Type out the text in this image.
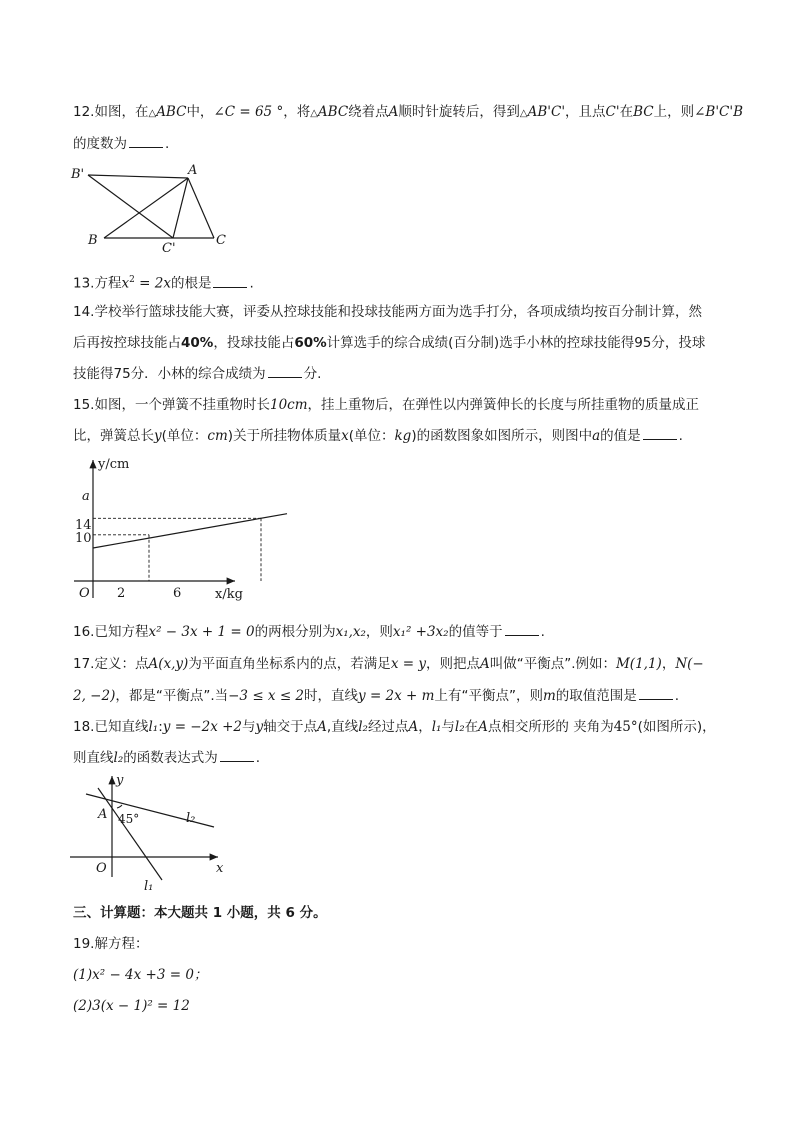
12.如图，在△ABC中，∠C = 65 °，将△ABC绕着点A顺时针旋转后，得到△AB'C'，且点C'在BC上，则∠B'C'B
的度数为	.
B'	A
B
C'
C
13.方程$x^2 = 2x$的根是	.
14.学校举行篮球技能大赛，评委从控球技能和投球技能两方面为选手打分，各项成绩均按百分制计算，然
后再按控球技能占40%，投球技能占60%计算选手的综合成绩(百分制)选手小林的控球技能得95分，投球
技能得75分．小林的综合成绩为	分.
15.如图，一个弹簧不挂重物时长10cm，挂上重物后，在弹性以内弹簧伸长的长度与所挂重物的质量成正
比，弹簧总长y(单位：cm)关于所挂物体质量x(单位：kg)的函数图象如图所示，则图中a的值是	.
y/cm
x/kg
O 2	6
10
14
a
16.已知方程x² − 3x + 1 = 0的两根分别为x₁,x₂，则x₁² +3x₂的值等于	.
17.定义：点A(x,y)为平面直角坐标系内的点，若满足x = y，则把点A叫做“平衡点”.例如：M(1,1)，N(−
2, −2)，都是“平衡点”.当−3 ≤ x ≤ 2时，直线y = 2x + m上有“平衡点”，则m的取值范围是	.
18.已知直线l₁:y = −2x +2与y轴交于点A,直线l₂经过点A，l₁与l₂在A点相交所形的 夹角为45°(如图所示)，
则直线l₂的函数表达式为	.
y
A 45°	l₂
O	x
l₁
三、计算题：本大题共 1 小题，共 6 分。
19.解方程：
(1)x² − 4x +3 = 0；
(2)3(x − 1)² = 12
